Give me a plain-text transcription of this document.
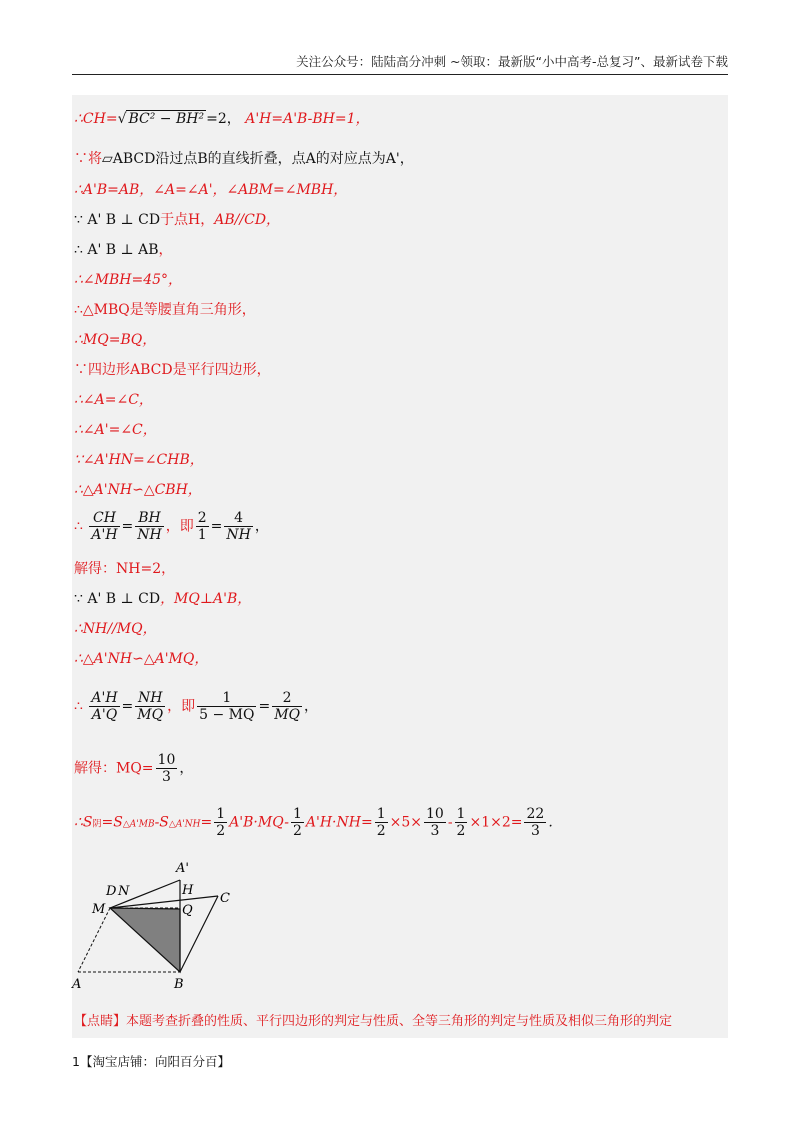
关注公众号：陆陆高分冲刺 ~领取：最新版“小中高考-总复习”、最新试卷下载
∴CH=√ BC² − BH² =2， A'H=A'B-BH=1，
∵将▱ABCD沿过点B的直线折叠，点A的对应点为A'，
∴A'B=AB，∠A=∠A'，∠ABM=∠MBH，
∵ A' B ⊥ CD于点H，AB//CD，
∴ A' B ⊥ AB，
∴∠MBH=45°，
∴△MBQ是等腰直角三角形，
∴MQ=BQ，
∵四边形ABCD是平行四边形，
∴∠A=∠C，
∴∠A'=∠C，
∵∠A'HN=∠CHB，
∴△A'NH∽△CBH，
∴ $\frac{CH}{A'H} = \frac{BH}{NH}$ ，即 $\frac{2}{1} = \frac{4}{NH}$ ，
解得：NH=2，
∵ A' B ⊥ CD，MQ⊥A'B，
∴NH//MQ，
∴△A'NH∽△A'MQ，
∴ $\frac{A'H}{A'Q} = \frac{NH}{MQ}$ ，即 $\frac{1}{5 - MQ} = \frac{2}{MQ}$ ，
解得：$MQ= \frac{10}{3}$ ，
∴S阴=S△A'MB-S△A'NH= $\frac{1}{2} A'B\cdot MQ- \frac{1}{2} A'H\cdot NH= \frac{1}{2} \times 5\times \frac{10}{3} - \frac{1}{2} \times 1\times 2= \frac{22}{3}$ .
A'
D N	H
C
M	Q
A	B
【点睛】本题考查折叠的性质、平行四边形的判定与性质、全等三角形的判定与性质及相似三角形的判定
1【淘宝店铺：向阳百分百】
